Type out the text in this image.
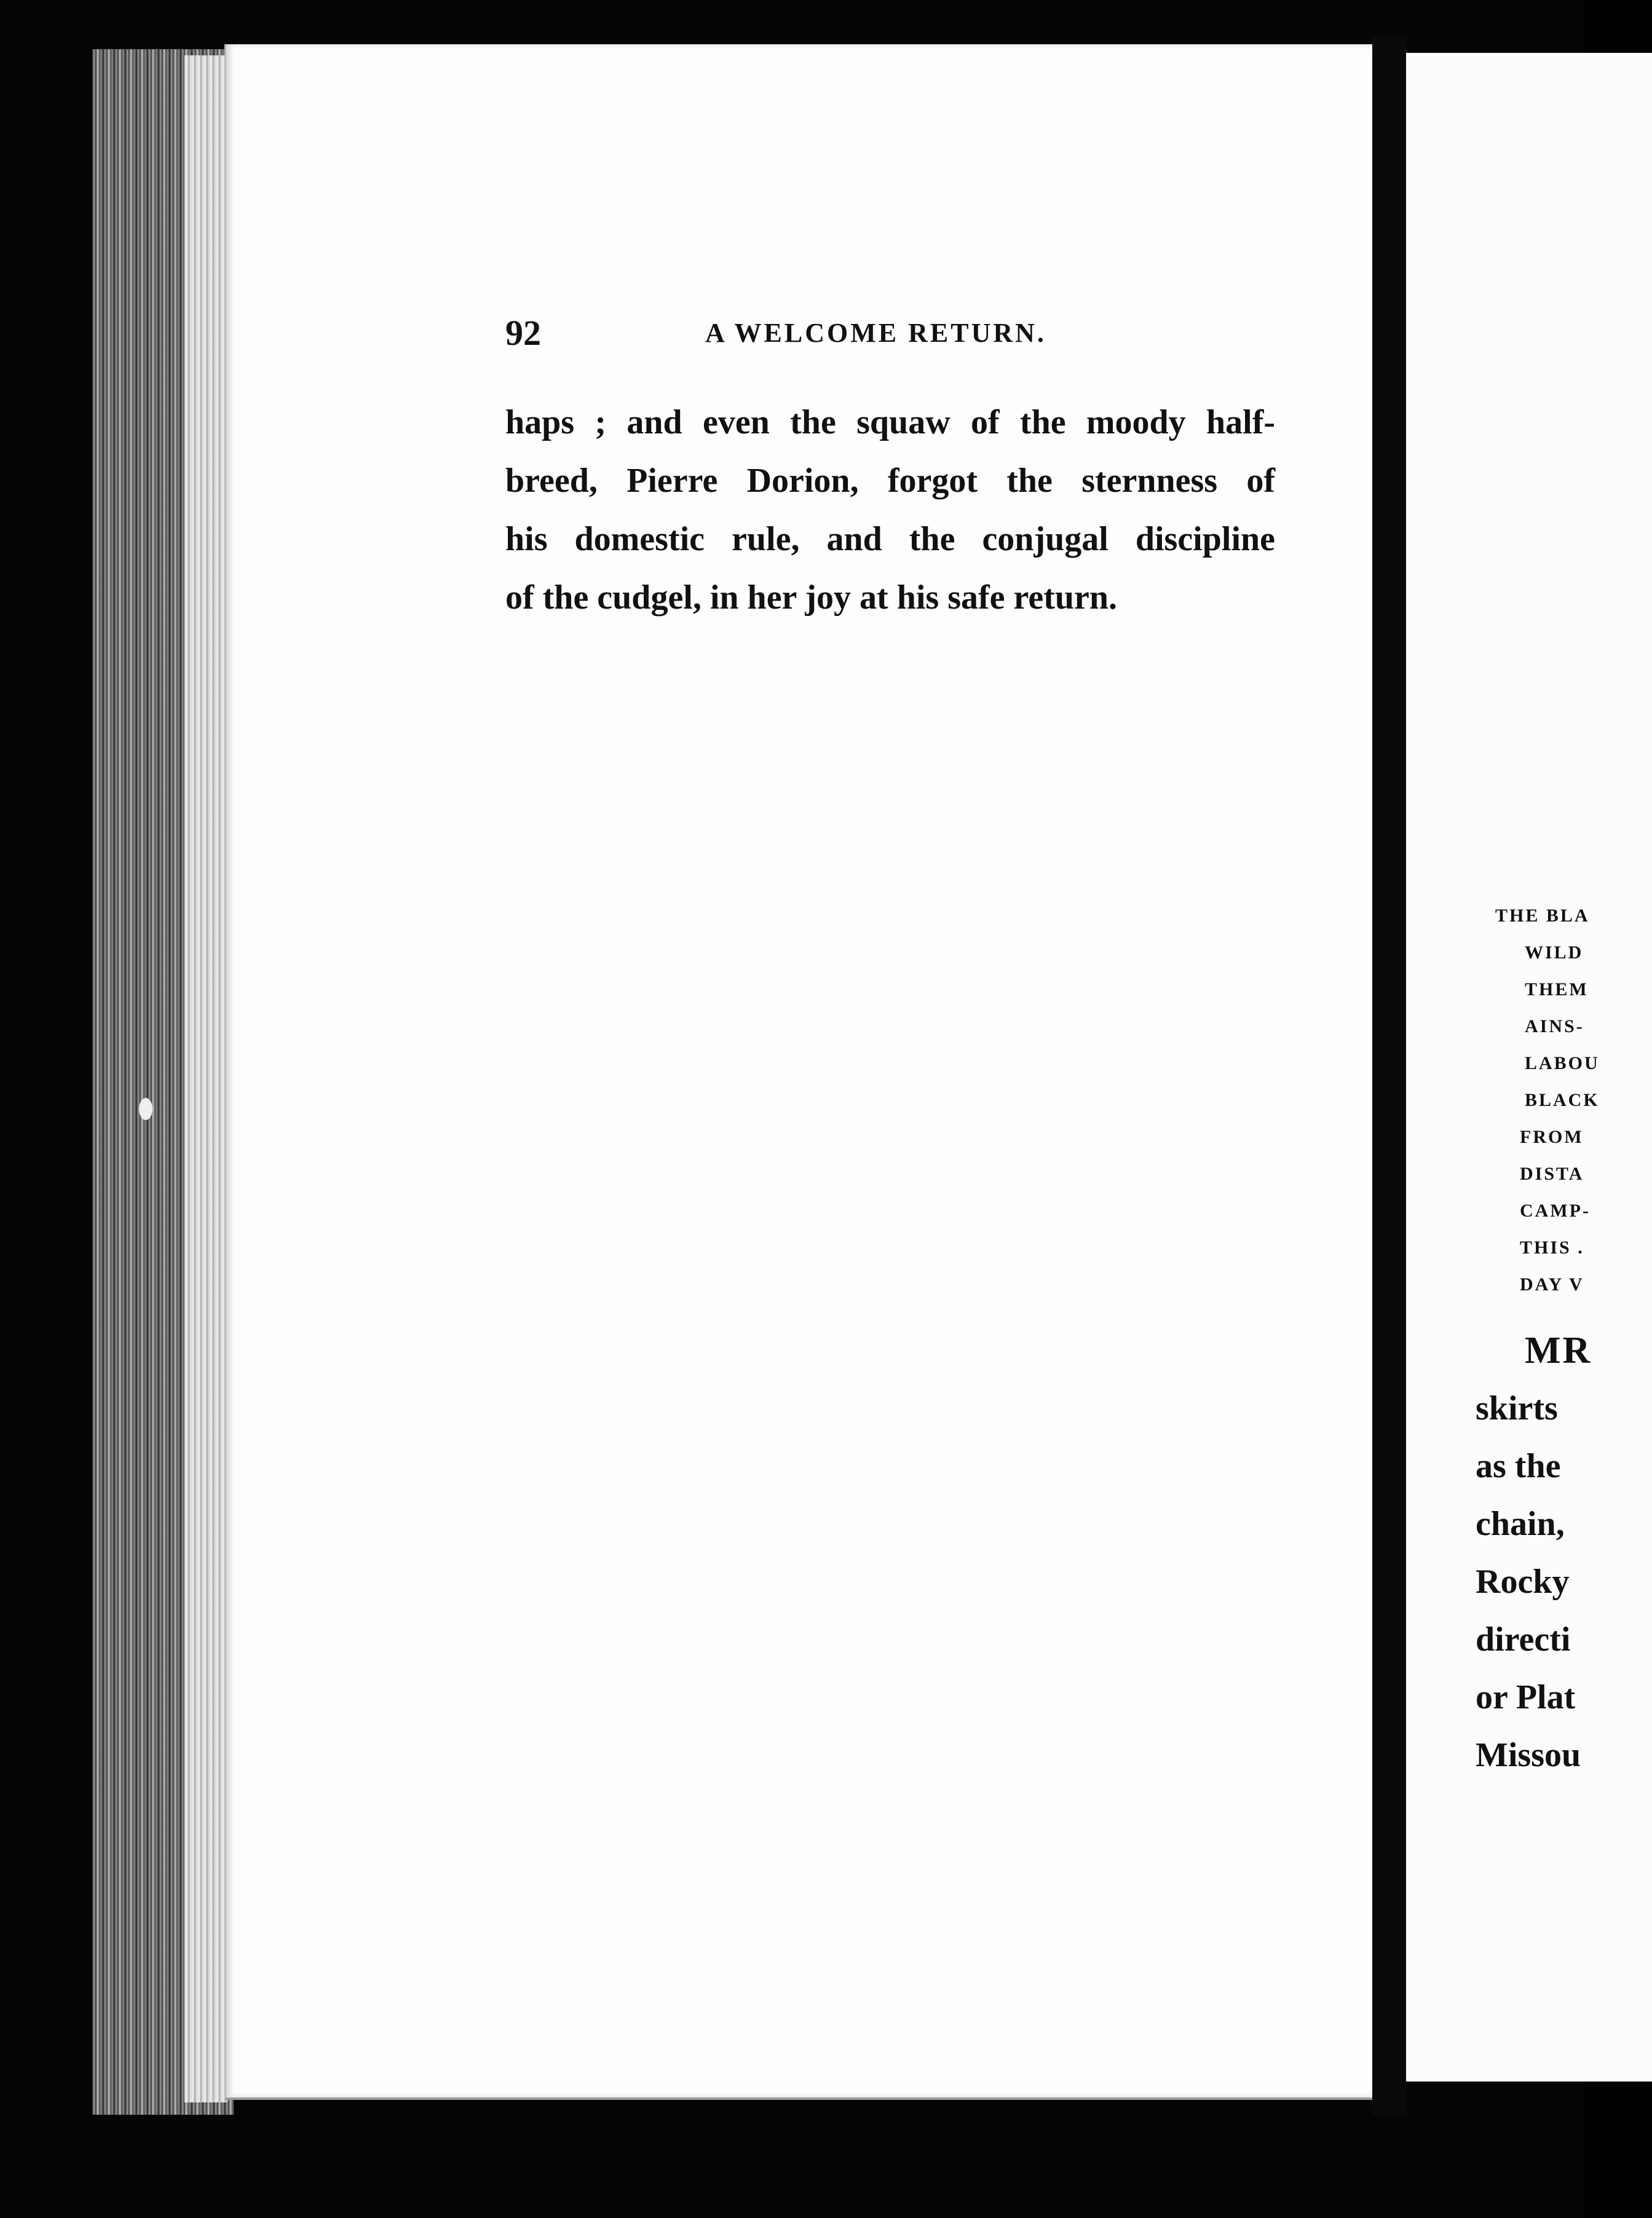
92	A WELCOME RETURN.
haps ; and even the squaw of the moody half-
breed, Pierre Dorion, forgot the sternness of
his domestic rule, and the conjugal discipline
of the cudgel, in her joy at his safe return.
THE BLA
WILD
THEM
AINS-
LABOU
BLACK
FROM
DISTA
CAMP-
THIS .
DAY V
MR
skirts
as the
chain,
Rocky
directi
or Plat
Missou
